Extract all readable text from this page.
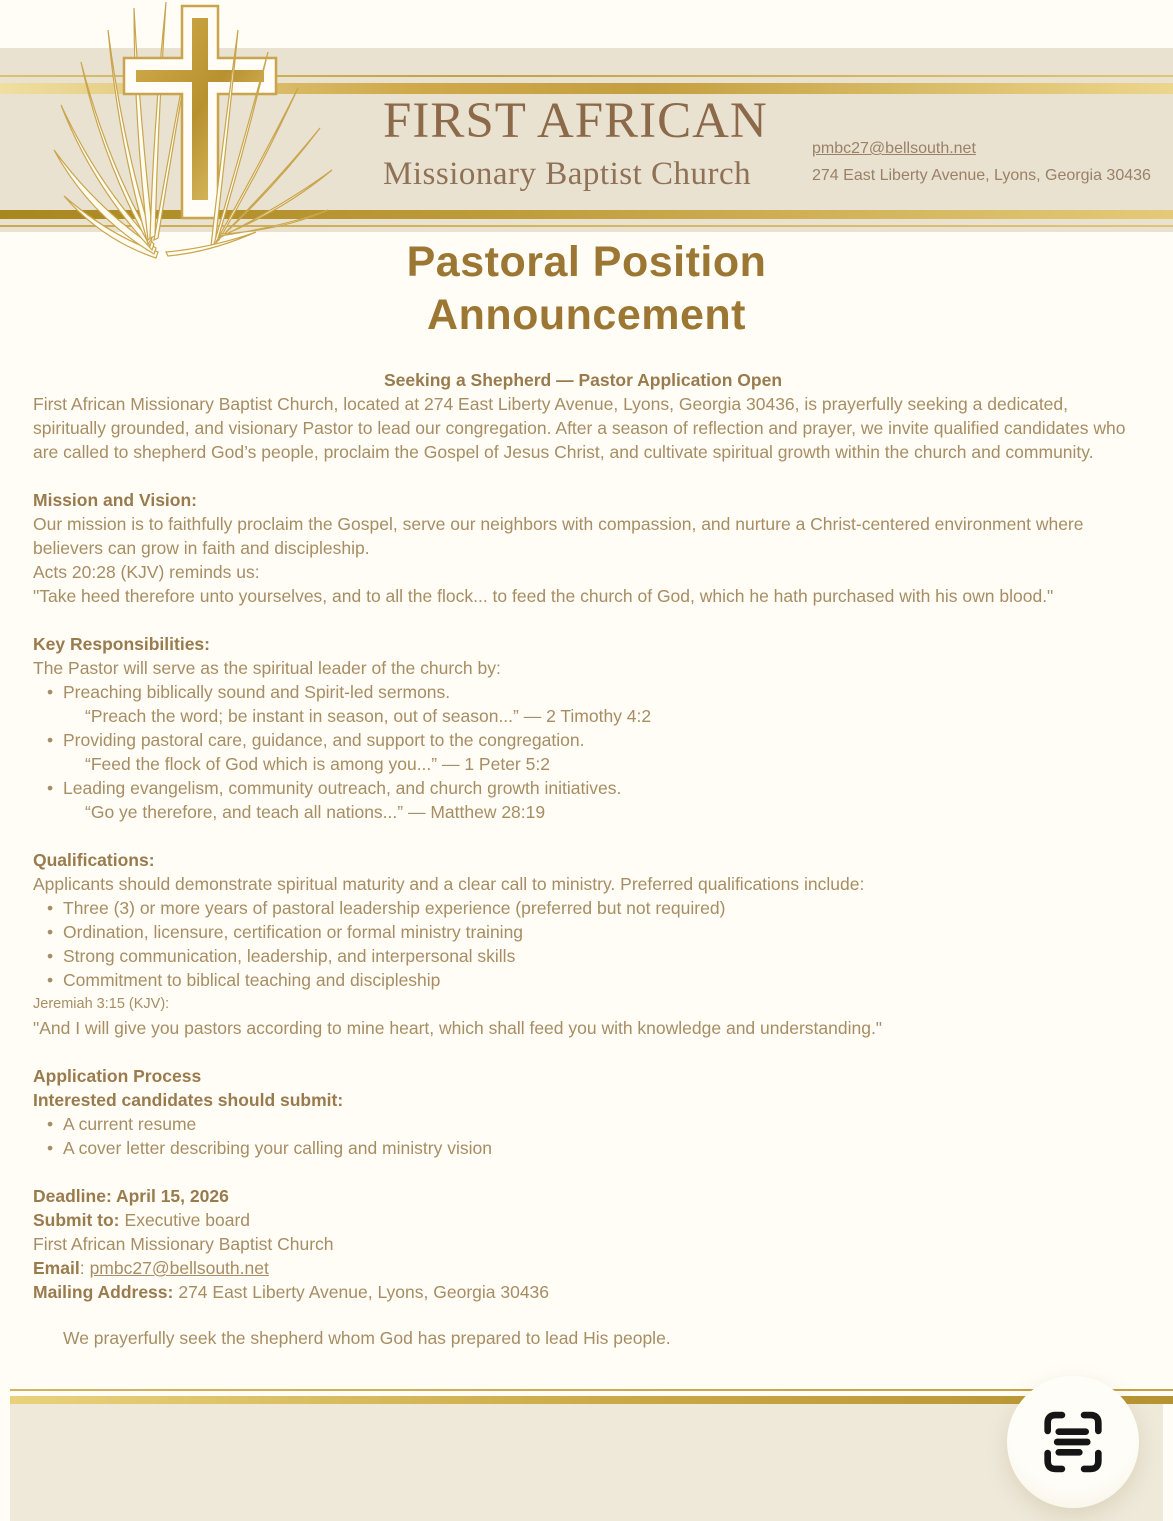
FIRST AFRICAN
Missionary Baptist Church
pmbc27@bellsouth.net
274 East Liberty Avenue, Lyons, Georgia 30436
Pastoral Position
Announcement
Seeking a Shepherd — Pastor Application Open

First African Missionary Baptist Church, located at 274 East Liberty Avenue, Lyons, Georgia 30436, is prayerfully seeking a dedicated, spiritually grounded, and visionary Pastor to lead our congregation. After a season of reflection and prayer, we invite qualified candidates who are called to shepherd God’s people, proclaim the Gospel of Jesus Christ, and cultivate spiritual growth within the church and community.

Mission and Vision:

Our mission is to faithfully proclaim the Gospel, serve our neighbors with compassion, and nurture a Christ-centered environment where believers can grow in faith and discipleship.

Acts 20:28 (KJV) reminds us:
"Take heed therefore unto yourselves, and to all the flock... to feed the church of God, which he hath purchased with his own blood."
Key Responsibilities:
The Pastor will serve as the spiritual leader of the church by:
• Preaching biblically sound and Spirit-led sermons.
“Preach the word; be instant in season, out of season...” — 2 Timothy 4:2
• Providing pastoral care, guidance, and support to the congregation.
“Feed the flock of God which is among you...” — 1 Peter 5:2
• Leading evangelism, community outreach, and church growth initiatives.
“Go ye therefore, and teach all nations...” — Matthew 28:19
Qualifications:
Applicants should demonstrate spiritual maturity and a clear call to ministry. Preferred qualifications include:
• Three (3) or more years of pastoral leadership experience (preferred but not required)
• Ordination, licensure, certification or formal ministry training
• Strong communication, leadership, and interpersonal skills
• Commitment to biblical teaching and discipleship
Jeremiah 3:15 (KJV):
"And I will give you pastors according to mine heart, which shall feed you with knowledge and understanding."
Application Process
Interested candidates should submit:
• A current resume
• A cover letter describing your calling and ministry vision
Deadline: April 15, 2026
Submit to: Executive board
First African Missionary Baptist Church
Email: pmbc27@bellsouth.net
Mailing Address: 274 East Liberty Avenue, Lyons, Georgia 30436
We prayerfully seek the shepherd whom God has prepared to lead His people.
